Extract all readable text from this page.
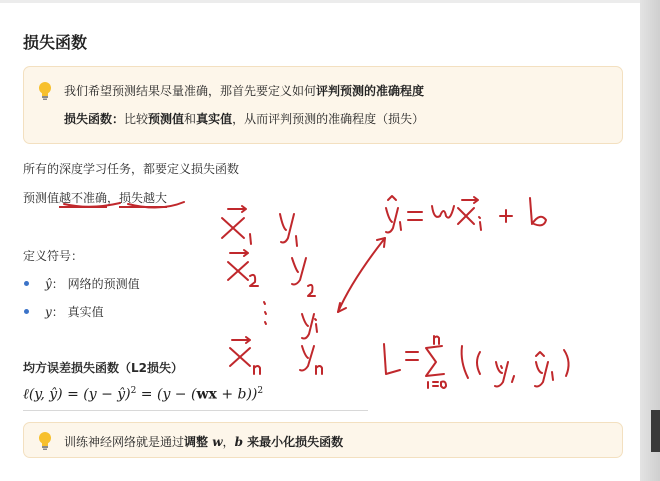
损失函数
我们希望预测结果尽量准确，那首先要定义如何评判预测的准确程度
损失函数：比较预测值和真实值，从而评判预测的准确程度（损失）
所有的深度学习任务，都要定义损失函数
预测值越不准确，损失越大
定义符号：
ŷ： 网络的预测值
y： 真实值
均方误差损失函数（L2损失）
ℓ(y, ŷ) = (y − ŷ)$^2$ = $(y - (wx + b))^2$
训练神经网络就是通过调整 w，b 来最小化损失函数
